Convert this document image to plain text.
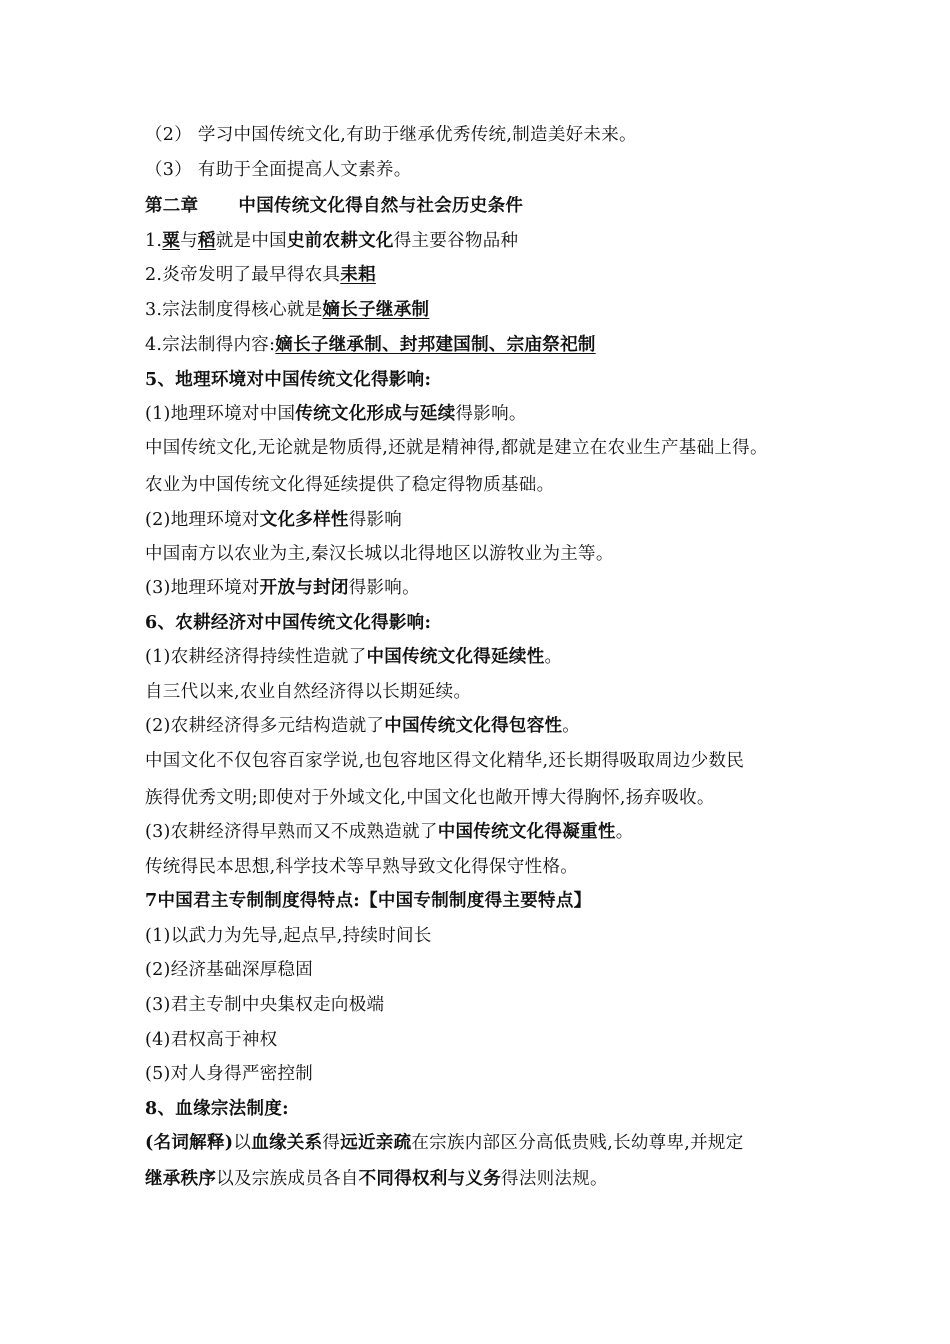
（2） 学习中国传统文化,有助于继承优秀传统,制造美好未来。
（3） 有助于全面提高人文素养。
第二章 中国传统文化得自然与社会历史条件
1.粟与稻就是中国史前农耕文化得主要谷物品种
2.炎帝发明了最早得农具耒耜
3.宗法制度得核心就是嫡长子继承制
4.宗法制得内容:嫡长子继承制、封邦建国制、宗庙祭祀制
5、地理环境对中国传统文化得影响:
(1)地理环境对中国传统文化形成与延续得影响。
中国传统文化,无论就是物质得,还就是精神得,都就是建立在农业生产基础上得。
农业为中国传统文化得延续提供了稳定得物质基础。
(2)地理环境对文化多样性得影响
中国南方以农业为主,秦汉长城以北得地区以游牧业为主等。
(3)地理环境对开放与封闭得影响。
6、农耕经济对中国传统文化得影响:
(1)农耕经济得持续性造就了中国传统文化得延续性。
自三代以来,农业自然经济得以长期延续。
(2)农耕经济得多元结构造就了中国传统文化得包容性。
中国文化不仅包容百家学说,也包容地区得文化精华,还长期得吸取周边少数民
族得优秀文明;即使对于外域文化,中国文化也敞开博大得胸怀,扬弃吸收。
(3)农耕经济得早熟而又不成熟造就了中国传统文化得凝重性。
传统得民本思想,科学技术等早熟导致文化得保守性格。
7中国君主专制制度得特点:【中国专制制度得主要特点】
(1)以武力为先导,起点早,持续时间长
(2)经济基础深厚稳固
(3)君主专制中央集权走向极端
(4)君权高于神权
(5)对人身得严密控制
8、血缘宗法制度:
(名词解释)以血缘关系得远近亲疏在宗族内部区分高低贵贱,长幼尊卑,并规定
继承秩序以及宗族成员各自不同得权利与义务得法则法规。
